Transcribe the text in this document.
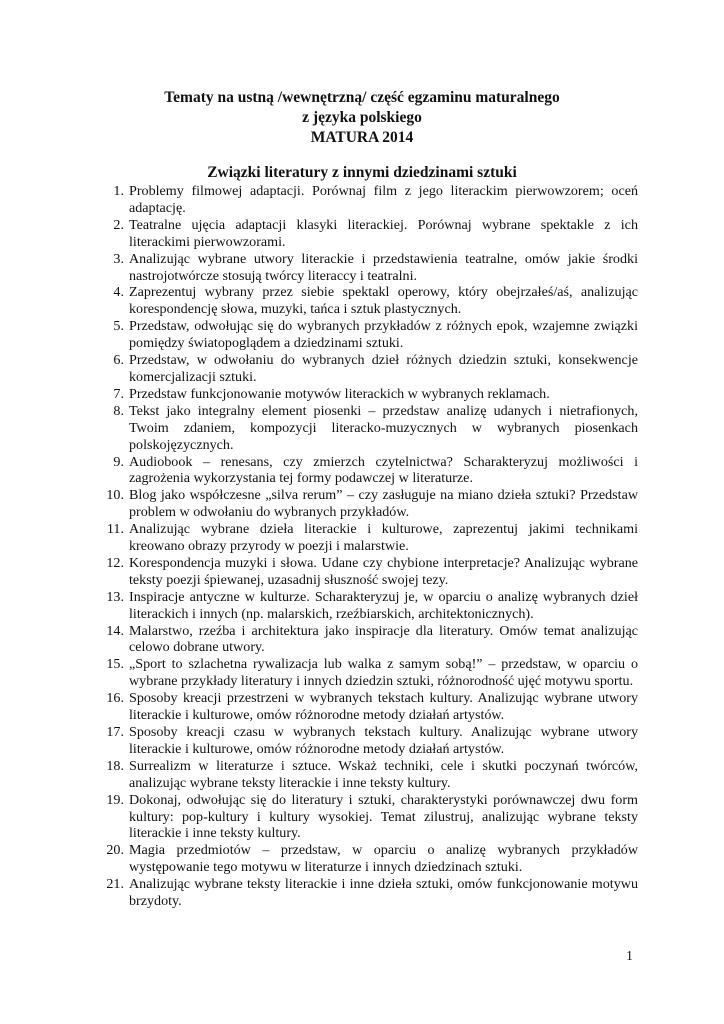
Tematy na ustną /wewnętrzną/ część egzaminu maturalnego
z języka polskiego
MATURA 2014
Związki literatury z innymi dziedzinami sztuki
1. Problemy filmowej adaptacji. Porównaj film z jego literackim pierwowzorem; oceń adaptację.
2. Teatralne ujęcia adaptacji klasyki literackiej. Porównaj wybrane spektakle z ich literackimi pierwowzorami.
3. Analizując wybrane utwory literackie i przedstawienia teatralne, omów jakie środki nastrojotwórcze stosują twórcy literaccy i teatralni.
4. Zaprezentuj wybrany przez siebie spektakl operowy, który obejrzałeś/aś, analizując korespondencję słowa, muzyki, tańca i sztuk plastycznych.
5. Przedstaw, odwołując się do wybranych przykładów z różnych epok, wzajemne związki pomiędzy światopoglądem a dziedzinami sztuki.
6. Przedstaw, w odwołaniu do wybranych dzieł różnych dziedzin sztuki, konsekwencje komercjalizacji sztuki.
7. Przedstaw funkcjonowanie motywów literackich w wybranych reklamach.
8. Tekst jako integralny element piosenki – przedstaw analizę udanych i nietrafionych, Twoim zdaniem, kompozycji literacko-muzycznych w wybranych piosenkach polskojęzycznych.
9. Audiobook – renesans, czy zmierzch czytelnictwa? Scharakteryzuj możliwości i zagrożenia wykorzystania tej formy podawczej w literaturze.
10. Blog jako współczesne „silva rerum” – czy zasługuje na miano dzieła sztuki? Przedstaw problem w odwołaniu do wybranych przykładów.
11. Analizując wybrane dzieła literackie i kulturowe, zaprezentuj jakimi technikami kreowano obrazy przyrody w poezji i malarstwie.
12. Korespondencja muzyki i słowa. Udane czy chybione interpretacje? Analizując wybrane teksty poezji śpiewanej, uzasadnij słuszność swojej tezy.
13. Inspiracje antyczne w kulturze. Scharakteryzuj je, w oparciu o analizę wybranych dzieł literackich i innych (np. malarskich, rzeźbiarskich, architektonicznych).
14. Malarstwo, rzeźba i architektura jako inspiracje dla literatury. Omów temat analizując celowo dobrane utwory.
15. „Sport to szlachetna rywalizacja lub walka z samym sobą!” – przedstaw, w oparciu o wybrane przykłady literatury i innych dziedzin sztuki, różnorodność ujęć motywu sportu.
16. Sposoby kreacji przestrzeni w wybranych tekstach kultury. Analizując wybrane utwory literackie i kulturowe, omów różnorodne metody działań artystów.
17. Sposoby kreacji czasu w wybranych tekstach kultury. Analizując wybrane utwory literackie i kulturowe, omów różnorodne metody działań artystów.
18. Surrealizm w literaturze i sztuce. Wskaż techniki, cele i skutki poczynań twórców, analizując wybrane teksty literackie i inne teksty kultury.
19. Dokonaj, odwołując się do literatury i sztuki, charakterystyki porównawczej dwu form kultury: pop-kultury i kultury wysokiej. Temat zilustruj, analizując wybrane teksty literackie i inne teksty kultury.
20. Magia przedmiotów – przedstaw, w oparciu o analizę wybranych przykładów występowanie tego motywu w literaturze i innych dziedzinach sztuki.
21. Analizując wybrane teksty literackie i inne dzieła sztuki, omów funkcjonowanie motywu brzydoty.
1
